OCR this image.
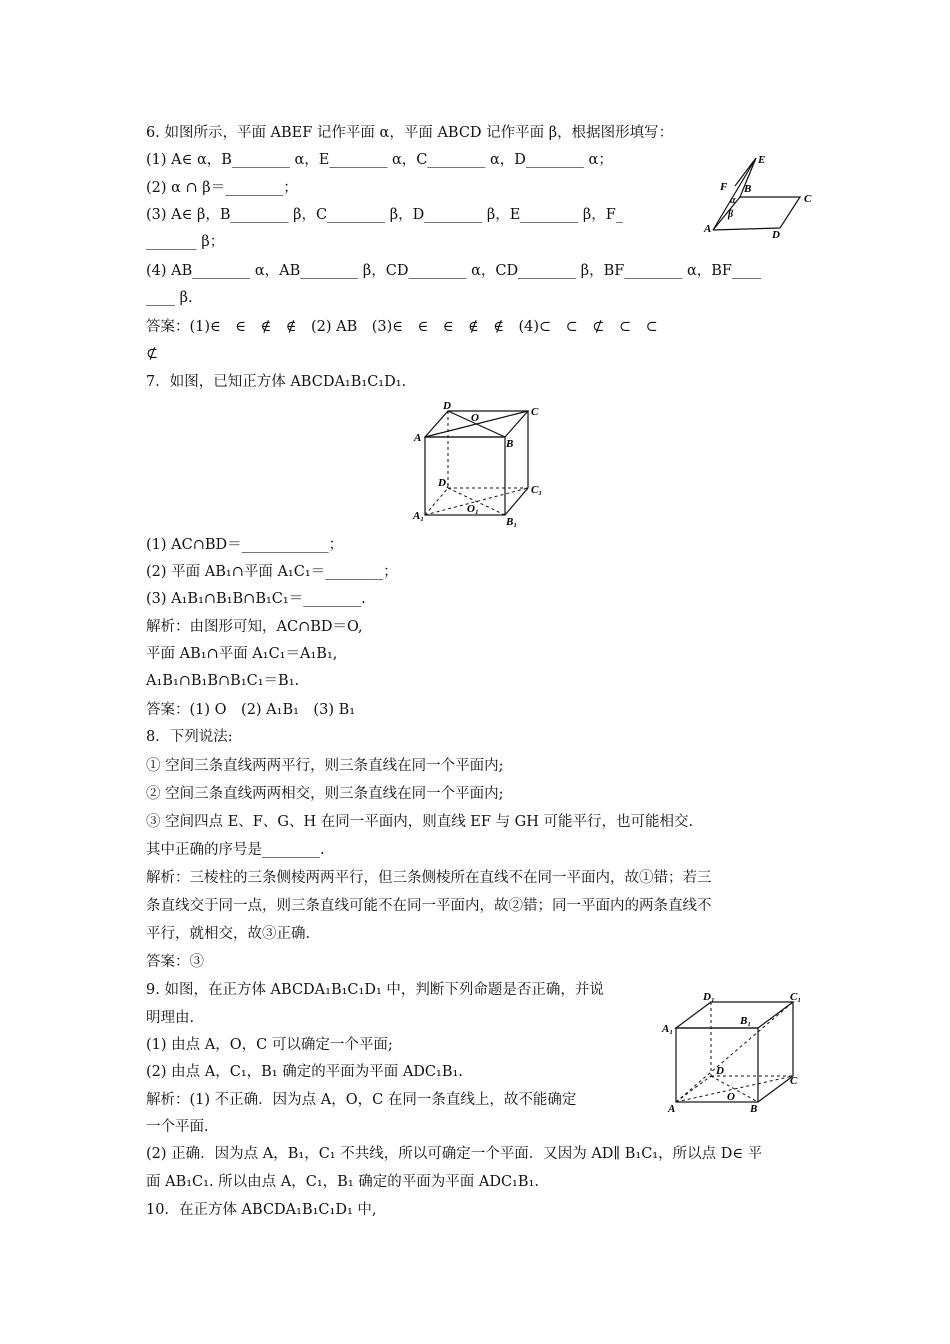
6. 如图所示，平面 ABEF 记作平面 α，平面 ABCD 记作平面 β，根据图形填写：
(1) A∈ α，B________ α，E________ α，C________ α，D________ α；
(2) α ∩ β＝________；
(3) A∈ β，B________ β，C________ β，D________ β，E________ β，F_
_______ β；
(4) AB________ α，AB________ β，CD________ α，CD________ β，BF________ α，BF____
____ β.
答案：(1)∈　∈　∉　∉　(2) AB　(3)∈　∈　∈　∉　∉　(4)⊂　⊂　⊄　⊂　⊂
⊄
E
F B
C
A	D
α
β
7．如图，已知正方体 ABCDA₁B₁C₁D₁.
D
O	C
A	B
D₁
C₁
A₁
O₁
B₁
(1) AC∩BD＝____________；
(2) 平面 AB₁∩平面 A₁C₁＝________；
(3) A₁B₁∩B₁B∩B₁C₁＝________.
解析：由图形可知，AC∩BD＝O,
平面 AB₁∩平面 A₁C₁＝A₁B₁,
A₁B₁∩B₁B∩B₁C₁＝B₁.
答案：(1) O　(2) A₁B₁　(3) B₁
8．下列说法:
① 空间三条直线两两平行，则三条直线在同一个平面内;
② 空间三条直线两两相交，则三条直线在同一个平面内;
③ 空间四点 E、F、G、H 在同一平面内，则直线 EF 与 GH 可能平行，也可能相交.
其中正确的序号是________.
解析：三棱柱的三条侧棱两两平行，但三条侧棱所在直线不在同一平面内，故①错；若三
条直线交于同一点，则三条直线可能不在同一平面内，故②错；同一平面内的两条直线不
平行，就相交，故③正确.
答案：③
9. 如图，在正方体 ABCDA₁B₁C₁D₁ 中，判断下列命题是否正确，并说
明理由.
(1) 由点 A，O，C 可以确定一个平面;
(2) 由点 A，C₁，B₁ 确定的平面为平面 ADC₁B₁.
解析：(1) 不正确．因为点 A，O，C 在同一条直线上，故不能确定
一个平面.
(2) 正确．因为点 A，B₁，C₁ 不共线，所以可确定一个平面．又因为 AD∥ B₁C₁，所以点 D∈ 平
面 AB₁C₁. 所以由点 A，C₁，B₁ 确定的平面为平面 ADC₁B₁.
D₁	C₁
A₁
B₁
D
C
A
O
B
10．在正方体 ABCDA₁B₁C₁D₁ 中,
